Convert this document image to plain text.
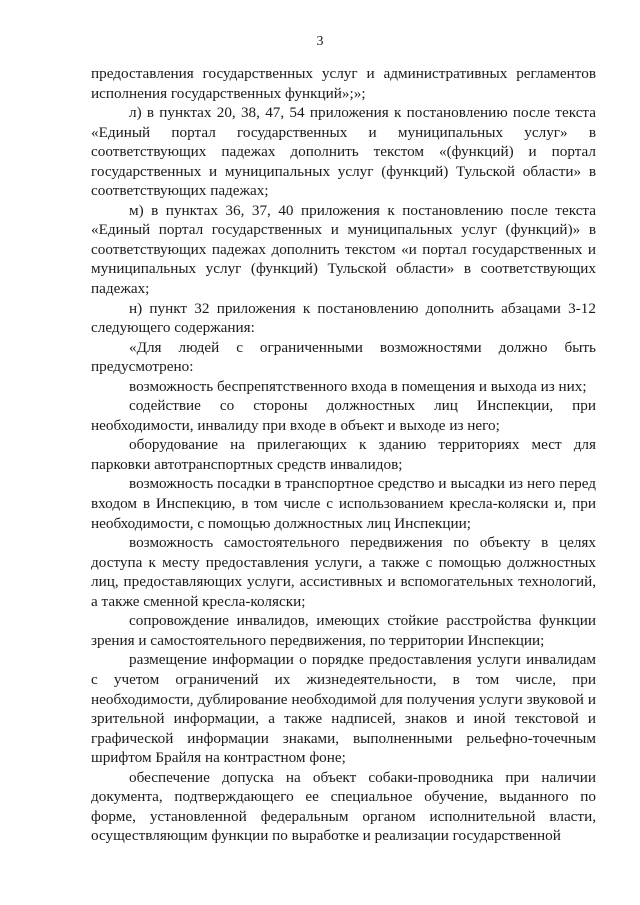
3

предоставления государственных услуг и административных регламентов исполнения государственных функций»;»;

л) в пунктах 20, 38, 47, 54 приложения к постановлению после текста «Единый портал государственных и муниципальных услуг» в соответствующих падежах дополнить текстом «(функций) и портал государственных и муниципальных услуг (функций) Тульской области» в соответствующих падежах;

м) в пунктах 36, 37, 40 приложения к постановлению после текста «Единый портал государственных и муниципальных услуг (функций)» в соответствующих падежах дополнить текстом «и портал государственных и муниципальных услуг (функций) Тульской области» в соответствующих падежах;

н) пункт 32 приложения к постановлению дополнить абзацами 3-12 следующего содержания:

«Для людей с ограниченными возможностями должно быть предусмотрено:

возможность беспрепятственного входа в помещения и выхода из них;

содействие со стороны должностных лиц Инспекции, при необходимости, инвалиду при входе в объект и выходе из него;

оборудование на прилегающих к зданию территориях мест для парковки автотранспортных средств инвалидов;

возможность посадки в транспортное средство и высадки из него перед входом в Инспекцию, в том числе с использованием кресла-коляски и, при необходимости, с помощью должностных лиц Инспекции;

возможность самостоятельного передвижения по объекту в целях доступа к месту предоставления услуги, а также с помощью должностных лиц, предоставляющих услуги, ассистивных и вспомогательных технологий, а также сменной кресла-коляски;

сопровождение инвалидов, имеющих стойкие расстройства функции зрения и самостоятельного передвижения, по территории Инспекции;

размещение информации о порядке предоставления услуги инвалидам с учетом ограничений их жизнедеятельности, в том числе, при необходимости, дублирование необходимой для получения услуги звуковой и зрительной информации, а также надписей, знаков и иной текстовой и графической информации знаками, выполненными рельефно-точечным шрифтом Брайля на контрастном фоне;

обеспечение допуска на объект собаки-проводника при наличии документа, подтверждающего ее специальное обучение, выданного по форме, установленной федеральным органом исполнительной власти, осуществляющим функции по выработке и реализации государственной
